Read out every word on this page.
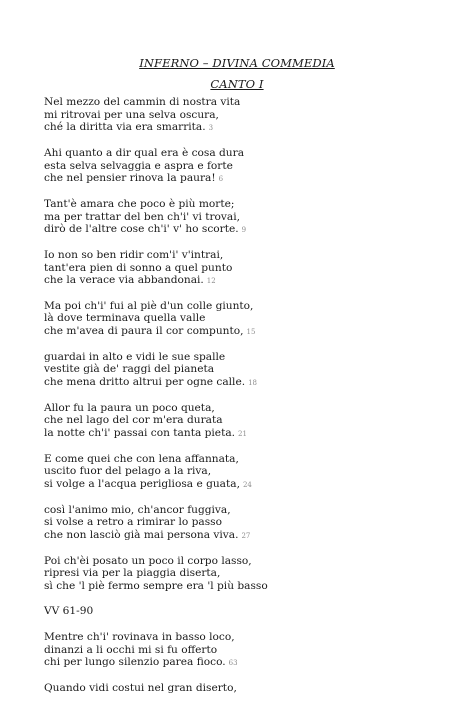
INFERNO – DIVINA COMMEDIA
CANTO I
Nel mezzo del cammin di nostra vita
mi ritrovai per una selva oscura,
ché la diritta via era smarrita. 3
Ahi quanto a dir qual era è cosa dura
esta selva selvaggia e aspra e forte
che nel pensier rinova la paura! 6
Tant'è amara che poco è più morte;
ma per trattar del ben ch'i' vi trovai,
dirò de l'altre cose ch'i' v' ho scorte. 9
Io non so ben ridir com'i' v'intrai,
tant'era pien di sonno a quel punto
che la verace via abbandonai. 12
Ma poi ch'i' fui al piè d'un colle giunto,
là dove terminava quella valle
che m'avea di paura il cor compunto, 15
guardai in alto e vidi le sue spalle
vestite già de' raggi del pianeta
che mena dritto altrui per ogne calle. 18
Allor fu la paura un poco queta,
che nel lago del cor m'era durata
la notte ch'i' passai con tanta pieta. 21
E come quei che con lena affannata,
uscito fuor del pelago a la riva,
si volge a l'acqua perigliosa e guata, 24
così l'animo mio, ch'ancor fuggiva,
si volse a retro a rimirar lo passo
che non lasciò già mai persona viva. 27
Poi ch'èi posato un poco il corpo lasso,
ripresi via per la piaggia diserta,
sì che 'l piè fermo sempre era 'l più basso
VV 61-90
Mentre ch'i' rovinava in basso loco,
dinanzi a li occhi mi si fu offerto
chi per lungo silenzio parea fioco. 63
Quando vidi costui nel gran diserto,
